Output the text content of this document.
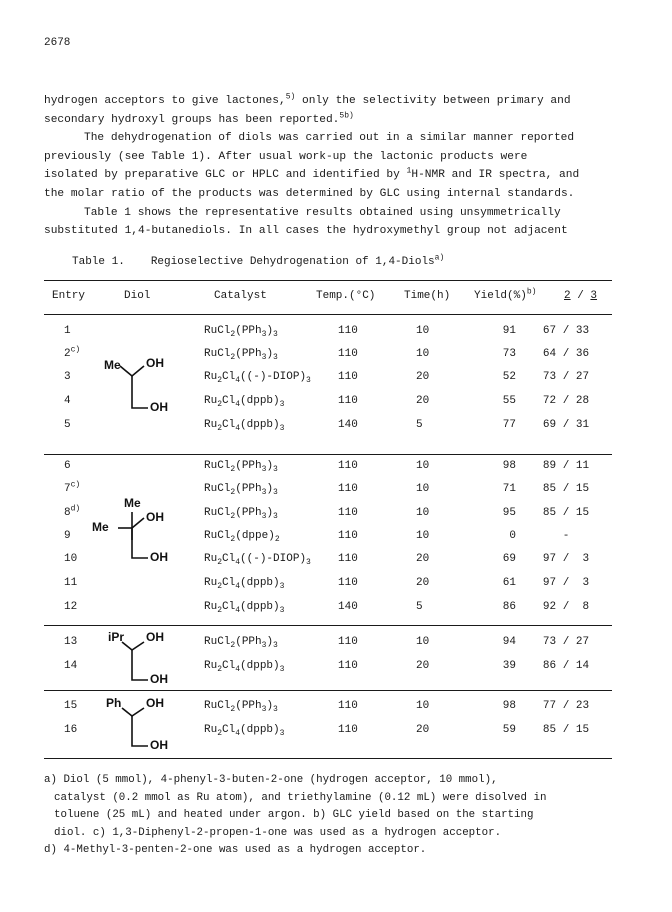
2678

hydrogen acceptors to give lactones,$^{5)}$ only the selectivity between primary and

secondary hydroxyl groups has been reported.$^{5b)}$

The dehydrogenation of diols was carried out in a similar manner reported

previously (see Table 1). After usual work-up the lactonic products were

isolated by preparative GLC or HPLC and identified by $^1$H-NMR and IR spectra, and

the molar ratio of the products was determined by GLC using internal standards.

Table 1 shows the representative results obtained using unsymmetrically

substituted 1,4-butanediols. In all cases the hydroxymethyl group not adjacent

Table 1. Regioselective Dehydrogenation of 1,4-Diols$^{a)}$
Entry	Diol	Catalyst	Temp.(°C)	Time(h) Yield(%)$^{b)}$	2 / 3
Me OH
OH
Me
Me
OH
OH
iPr OH
OH
Ph OH
OH
1	$RuCl_2(PPh_3)_3$	110	10	91	67 / 33
2$^{c)}$	$RuCl_2(PPh_3)_3$	110	10	73	64 / 36
3	$Ru_2Cl_4((-)-DIOP)_3$ 110	20	52	73 / 27
4	$Ru_2Cl_4(dppb)_3$	110	20	55	72 / 28
5	$Ru_2Cl_4(dppb)_3$	140	5	77	69 / 31
6	$RuCl_2(PPh_3)_3$	110	10	98	89 / 11
7$^{c)}$	$RuCl_2(PPh_3)_3$	110	10	71	85 / 15
8$^{d)}$	$RuCl_2(PPh_3)_3$	110	10	95	85 / 15
9	$RuCl_2(dppe)_2$	110	10	0	-
10	$Ru_2Cl_4((-)-DIOP)_3$ 110	20	69	97 /  3
11	$Ru_2Cl_4(dppb)_3$	110	20	61	97 /  3
12	$Ru_2Cl_4(dppb)_3$	140	5	86	92 /  8
13	$RuCl_2(PPh_3)_3$	110	10	94	73 / 27
14	$Ru_2Cl_4(dppb)_3$	110	20	39	86 / 14
15	$RuCl_2(PPh_3)_3$	110	10	98	77 / 23
16	$Ru_2Cl_4(dppb)_3$	110	20	59	85 / 15

a) Diol (5 mmol), 4-phenyl-3-buten-2-one (hydrogen acceptor, 10 mmol),

catalyst (0.2 mmol as Ru atom), and triethylamine (0.12 mL) were disolved in

toluene (25 mL) and heated under argon. b) GLC yield based on the starting

diol. c) 1,3-Diphenyl-2-propen-1-one was used as a hydrogen acceptor.

d) 4-Methyl-3-penten-2-one was used as a hydrogen acceptor.
